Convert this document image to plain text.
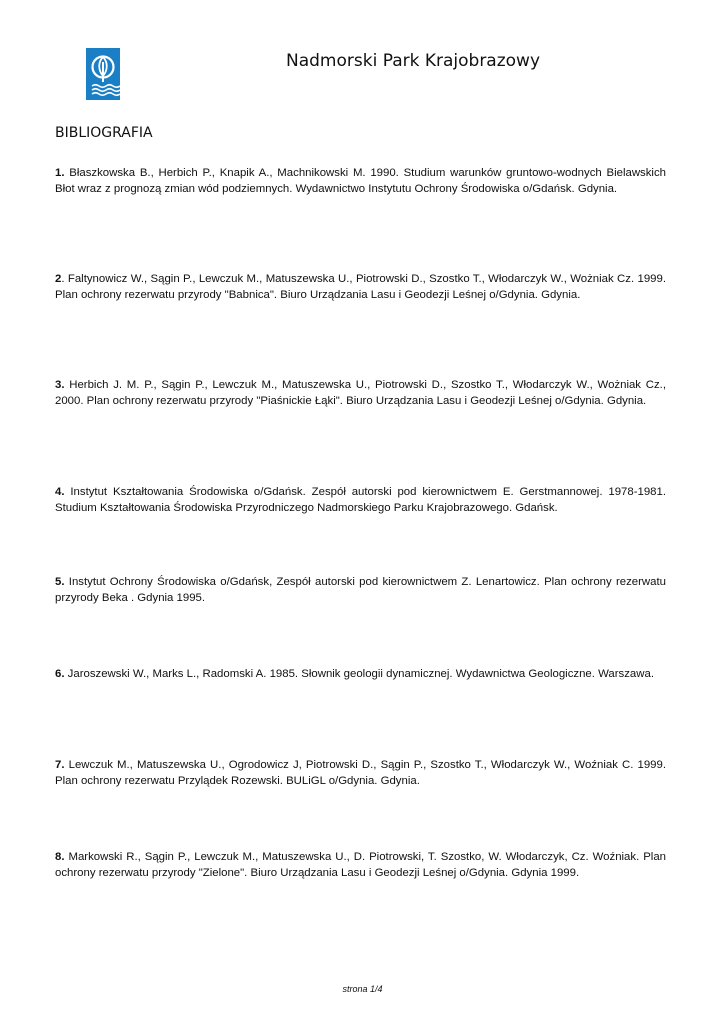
Nadmorski Park Krajobrazowy
BIBLIOGRAFIA
1. Błaszkowska B., Herbich P., Knapik A., Machnikowski M. 1990. Studium warunków gruntowo-wodnych Bielawskich Błot wraz z prognozą zmian wód podziemnych. Wydawnictwo Instytutu Ochrony Środowiska o/Gdańsk. Gdynia.
2. Faltynowicz W., Sągin P., Lewczuk M., Matuszewska U., Piotrowski D., Szostko T., Włodarczyk W., Wożniak Cz. 1999. Plan ochrony rezerwatu przyrody "Babnica". Biuro Urządzania Lasu i Geodezji Leśnej o/Gdynia. Gdynia.
3. Herbich J. M. P., Sągin P., Lewczuk M., Matuszewska U., Piotrowski D., Szostko T., Włodarczyk W., Wożniak Cz., 2000. Plan ochrony rezerwatu przyrody "Piaśnickie Łąki". Biuro Urządzania Lasu i Geodezji Leśnej o/Gdynia. Gdynia.
4. Instytut Kształtowania Środowiska o/Gdańsk. Zespół autorski pod kierownictwem E. Gerstmannowej. 1978-1981. Studium Kształtowania Środowiska Przyrodniczego Nadmorskiego Parku Krajobrazowego. Gdańsk.
5. Instytut Ochrony Środowiska o/Gdańsk, Zespół autorski pod kierownictwem Z. Lenartowicz. Plan ochrony rezerwatu przyrody Beka . Gdynia 1995.
6. Jaroszewski W., Marks L., Radomski A. 1985. Słownik geologii dynamicznej. Wydawnictwa Geologiczne. Warszawa.
7. Lewczuk M., Matuszewska U., Ogrodowicz J, Piotrowski D., Sągin P., Szostko T., Włodarczyk W., Woźniak C. 1999. Plan ochrony rezerwatu Przylądek Rozewski. BULiGL o/Gdynia. Gdynia.
8. Markowski R., Sągin P., Lewczuk M., Matuszewska U., D. Piotrowski, T. Szostko, W. Włodarczyk, Cz. Woźniak. Plan ochrony rezerwatu przyrody "Zielone". Biuro Urządzania Lasu i Geodezji Leśnej o/Gdynia. Gdynia 1999.
strona 1/4
